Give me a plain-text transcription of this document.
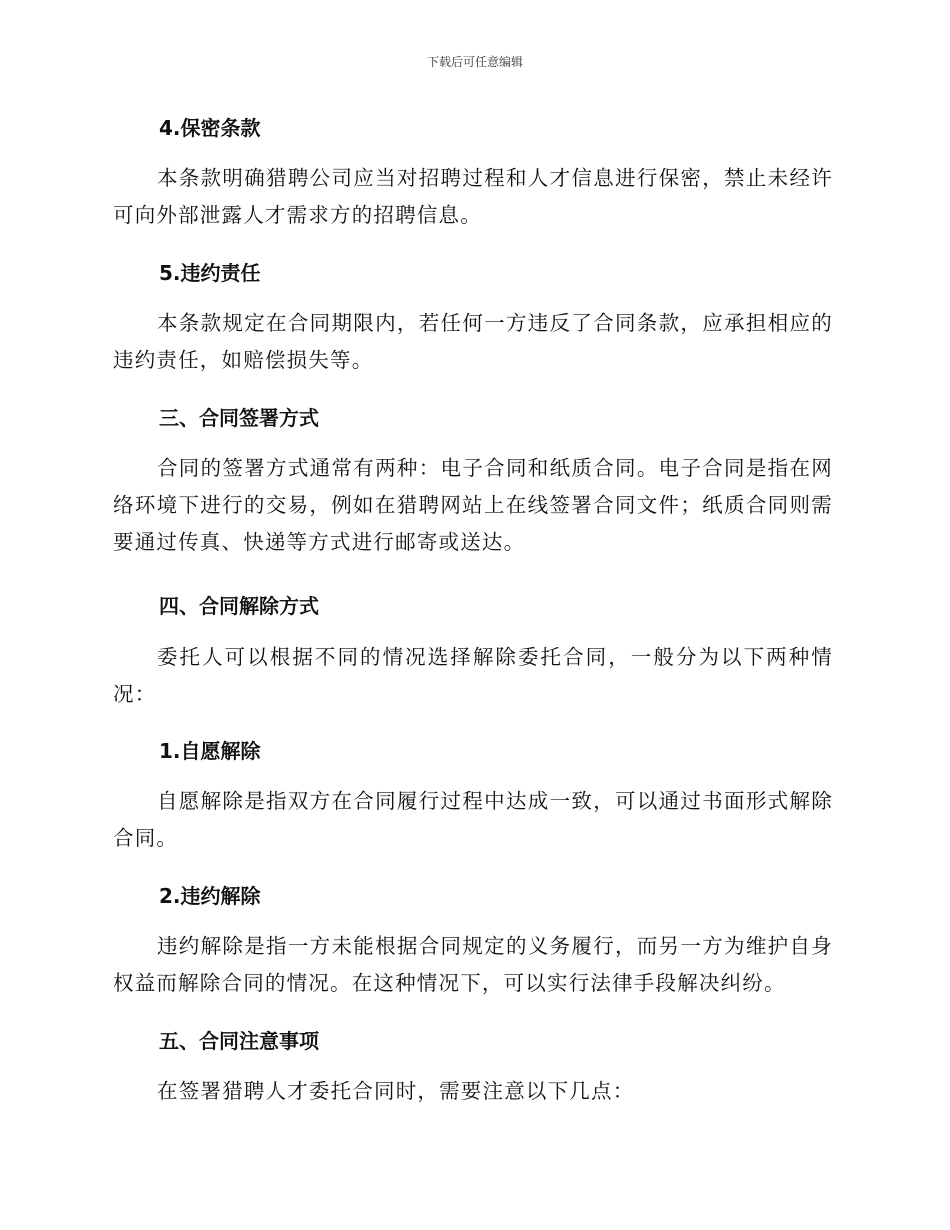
下载后可任意编辑
4.保密条款

本条款明确猎聘公司应当对招聘过程和人才信息进行保密，禁止未经许可向外部泄露人才需求方的招聘信息。

5.违约责任

本条款规定在合同期限内，若任何一方违反了合同条款，应承担相应的违约责任，如赔偿损失等。

三、合同签署方式

合同的签署方式通常有两种：电子合同和纸质合同。电子合同是指在网络环境下进行的交易，例如在猎聘网站上在线签署合同文件；纸质合同则需要通过传真、快递等方式进行邮寄或送达。

四、合同解除方式

委托人可以根据不同的情况选择解除委托合同，一般分为以下两种情况：

1.自愿解除

自愿解除是指双方在合同履行过程中达成一致，可以通过书面形式解除合同。

2.违约解除

违约解除是指一方未能根据合同规定的义务履行，而另一方为维护自身权益而解除合同的情况。在这种情况下，可以实行法律手段解决纠纷。

五、合同注意事项

在签署猎聘人才委托合同时，需要注意以下几点：
